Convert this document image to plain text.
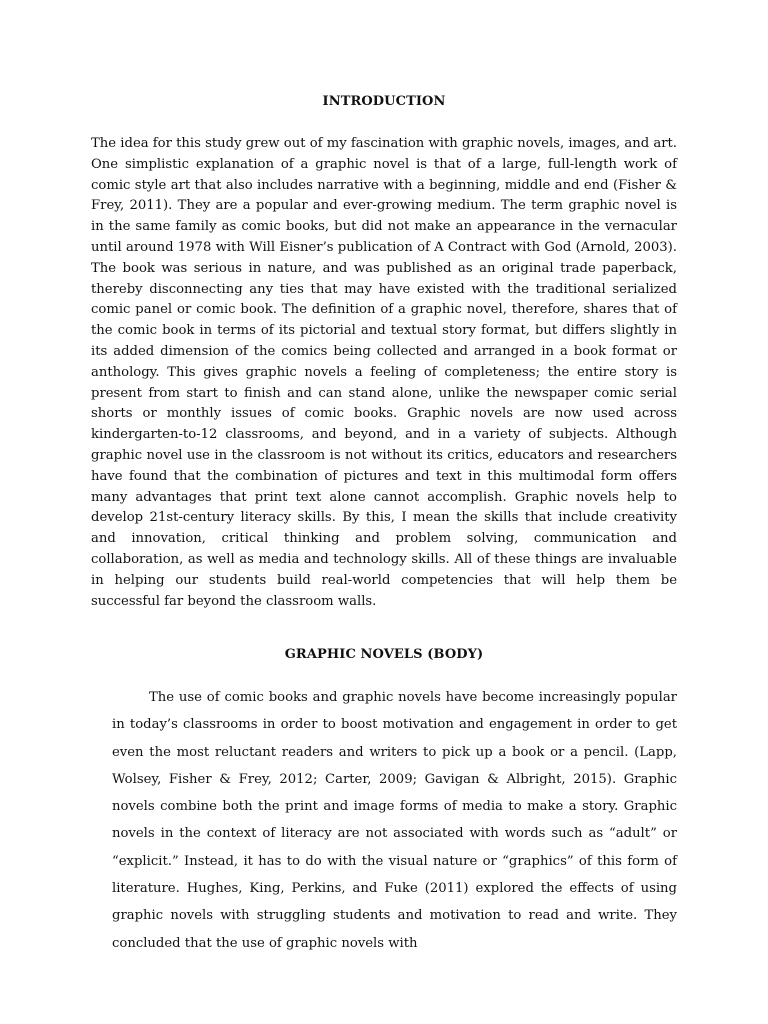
INTRODUCTION

The idea for this study grew out of my fascination with graphic novels, images, and art. One simplistic explanation of a graphic novel is that of a large, full-length work of comic style art that also includes narrative with a beginning, middle and end (Fisher & Frey, 2011). They are a popular and ever-growing medium. The term graphic novel is in the same family as comic books, but did not make an appearance in the vernacular until around 1978 with Will Eisner’s publication of A Contract with God (Arnold, 2003). The book was serious in nature, and was published as an original trade paperback, thereby disconnecting any ties that may have existed with the traditional serialized comic panel or comic book. The definition of a graphic novel, therefore, shares that of the comic book in terms of its pictorial and textual story format, but differs slightly in its added dimension of the comics being collected and arranged in a book format or anthology. This gives graphic novels a feeling of completeness; the entire story is present from start to finish and can stand alone, unlike the newspaper comic serial shorts or monthly issues of comic books. Graphic novels are now used across kindergarten-to-12 classrooms, and beyond, and in a variety of subjects. Although graphic novel use in the classroom is not without its critics, educators and researchers have found that the combination of pictures and text in this multimodal form offers many advantages that print text alone cannot accomplish. Graphic novels help to develop 21st-century literacy skills. By this, I mean the skills that include creativity and innovation, critical thinking and problem solving, communication and collaboration, as well as media and technology skills. All of these things are invaluable in helping our students build real-world competencies that will help them be successful far beyond the classroom walls.

GRAPHIC NOVELS (BODY)

The use of comic books and graphic novels have become increasingly popular in today’s classrooms in order to boost motivation and engagement in order to get even the most reluctant readers and writers to pick up a book or a pencil. (Lapp, Wolsey, Fisher & Frey, 2012; Carter, 2009; Gavigan & Albright, 2015). Graphic novels combine both the print and image forms of media to make a story. Graphic novels in the context of literacy are not associated with words such as “adult” or “explicit.” Instead, it has to do with the visual nature or “graphics” of this form of literature. Hughes, King, Perkins, and Fuke (2011) explored the effects of using graphic novels with struggling students and motivation to read and write. They concluded that the use of graphic novels with
